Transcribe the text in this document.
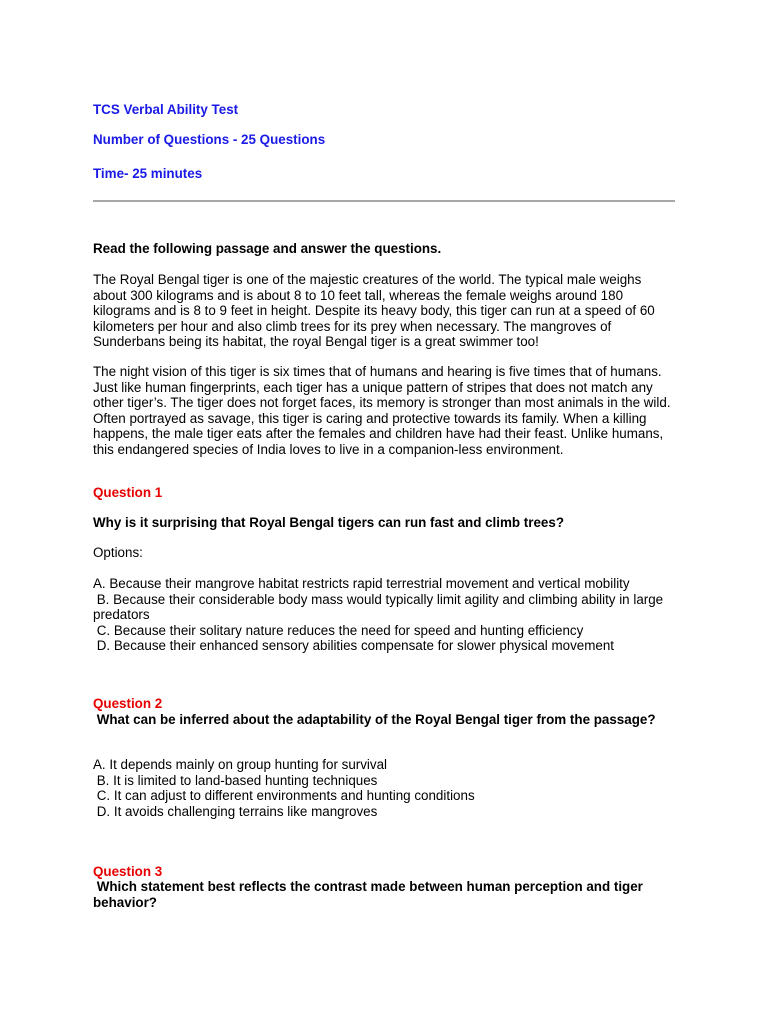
TCS Verbal Ability Test

Number of Questions - 25 Questions

Time- 25 minutes

Read the following passage and answer the questions.

The Royal Bengal tiger is one of the majestic creatures of the world. The typical male weighs about 300 kilograms and is about 8 to 10 feet tall, whereas the female weighs around 180 kilograms and is 8 to 9 feet in height. Despite its heavy body, this tiger can run at a speed of 60 kilometers per hour and also climb trees for its prey when necessary. The mangroves of Sunderbans being its habitat, the royal Bengal tiger is a great swimmer too!

The night vision of this tiger is six times that of humans and hearing is five times that of humans. Just like human fingerprints, each tiger has a unique pattern of stripes that does not match any other tiger’s. The tiger does not forget faces, its memory is stronger than most animals in the wild. Often portrayed as savage, this tiger is caring and protective towards its family. When a killing happens, the male tiger eats after the females and children have had their feast. Unlike humans, this endangered species of India loves to live in a companion-less environment.

Question 1

Why is it surprising that Royal Bengal tigers can run fast and climb trees?

Options:

A. Because their mangrove habitat restricts rapid terrestrial movement and vertical mobility
B. Because their considerable body mass would typically limit agility and climbing ability in large predators
C. Because their solitary nature reduces the need for speed and hunting efficiency
D. Because their enhanced sensory abilities compensate for slower physical movement

Question 2

What can be inferred about the adaptability of the Royal Bengal tiger from the passage?

A. It depends mainly on group hunting for survival
B. It is limited to land-based hunting techniques
C. It can adjust to different environments and hunting conditions
D. It avoids challenging terrains like mangroves

Question 3

Which statement best reflects the contrast made between human perception and tiger behavior?
